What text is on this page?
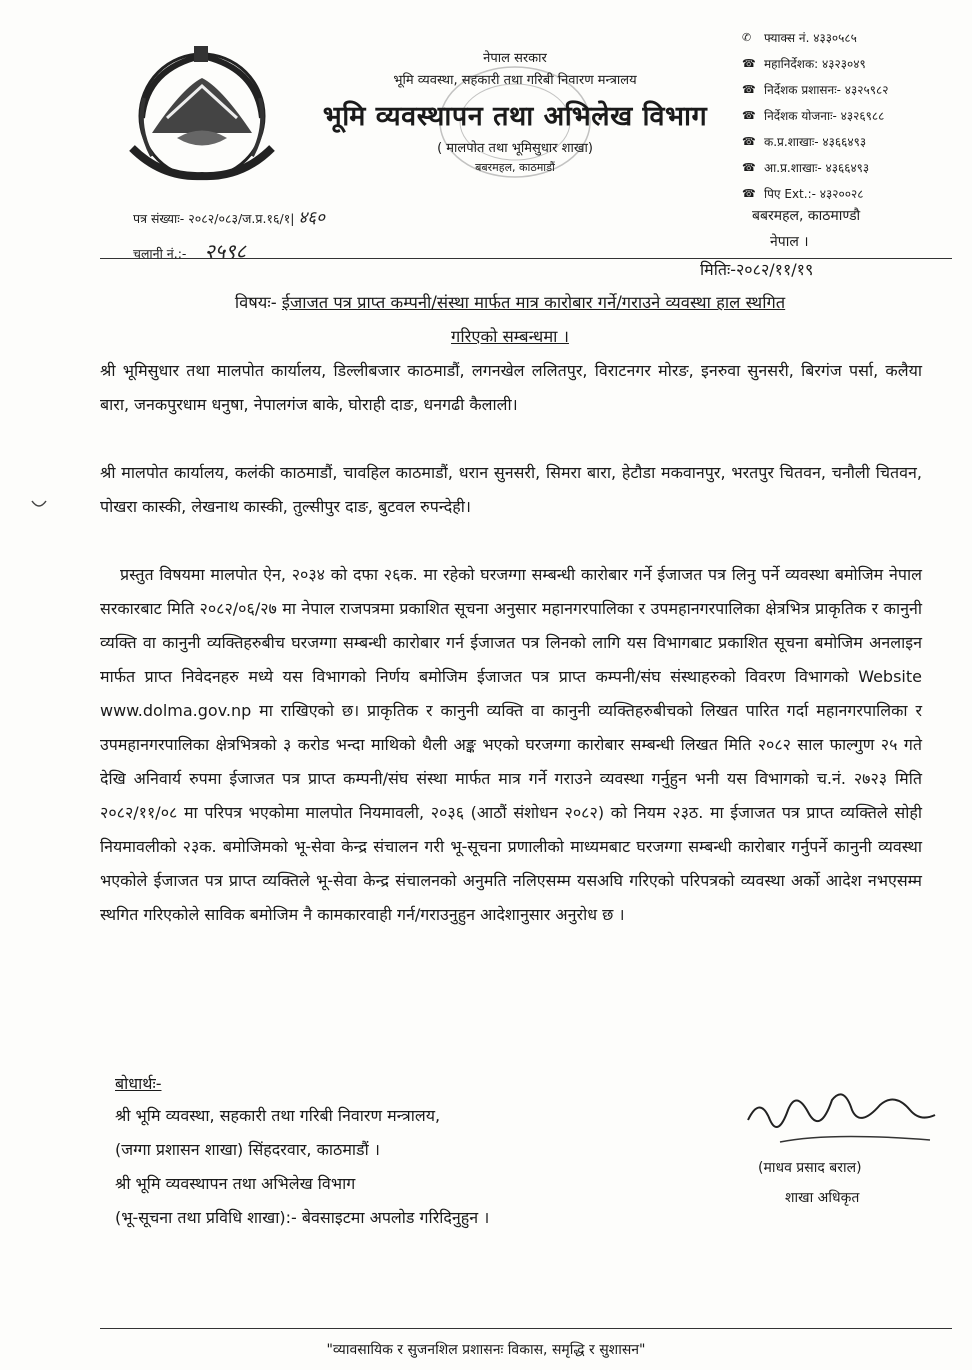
नेपाल सरकार
भूमि व्यवस्था, सहकारी तथा गरिबी निवारण मन्त्रालय
भूमि व्यवस्थापन तथा अभिलेख विभाग
( मालपोत तथा भूमिसुधार शाखा)
बबरमहल, काठमाडौं
✆	फ्याक्स नं. ४३३०५८५
☎ महानिर्देशक: ४३२३०४९
☎ निर्देशक प्रशासनः- ४३२५९८२
☎ निर्देशक योजनाः- ४३२६९८८
☎ क.प्र.शाखाः- ४३६६४९३
☎ आ.प्र.शाखाः- ४३६६४९३
☎ पिए Ext.:- ४३२००२८
पत्र संख्याः- २०८२/०८३/ज.प्र.१६/१| ४६०
चलानी नं.:- २५९८
बबरमहल, काठमाण्डौ
नेपाल ।
मितिः-२०८२/११/१९
विषयः- ईजाजत पत्र प्राप्त कम्पनी/संस्था मार्फत मात्र कारोबार गर्ने/गराउने व्यवस्था हाल स्थगित
गरिएको सम्बन्धमा ।
श्री भूमिसुधार तथा मालपोत कार्यालय, डिल्लीबजार काठमाडौं, लगनखेल ललितपुर, विराटनगर मोरङ, इनरुवा सुनसरी, बिरगंज पर्सा, कलैया बारा, जनकपुरधाम धनुषा, नेपालगंज बाके, घोराही दाङ, धनगढी कैलाली।
श्री मालपोत कार्यालय, कलंकी काठमाडौं, चावहिल काठमाडौं, धरान सुनसरी, सिमरा बारा, हेटौडा मकवानपुर, भरतपुर चितवन, चनौली चितवन, पोखरा कास्की, लेखनाथ कास्की, तुल्सीपुर दाङ, बुटवल रुपन्देही।
प्रस्तुत विषयमा मालपोत ऐन, २०३४ को दफा २६क. मा रहेको घरजग्गा सम्बन्धी कारोबार गर्ने ईजाजत पत्र लिनु पर्ने व्यवस्था बमोजिम नेपाल सरकारबाट मिति २०८२/०६/२७ मा नेपाल राजपत्रमा प्रकाशित सूचना अनुसार महानगरपालिका र उपमहानगरपालिका क्षेत्रभित्र प्राकृतिक र कानुनी व्यक्ति वा कानुनी व्यक्तिहरुबीच घरजग्गा सम्बन्धी कारोबार गर्न ईजाजत पत्र लिनको लागि यस विभागबाट प्रकाशित सूचना बमोजिम अनलाइन मार्फत प्राप्त निवेदनहरु मध्ये यस विभागको निर्णय बमोजिम ईजाजत पत्र प्राप्त कम्पनी/संघ संस्थाहरुको विवरण विभागको Website www.dolma.gov.np मा राखिएको छ। प्राकृतिक र कानुनी व्यक्ति वा कानुनी व्यक्तिहरुबीचको लिखत पारित गर्दा महानगरपालिका र उपमहानगरपालिका क्षेत्रभित्रको ३ करोड भन्दा माथिको थैली अङ्क भएको घरजग्गा कारोबार सम्बन्धी लिखत मिति २०८२ साल फाल्गुण २५ गते देखि अनिवार्य रुपमा ईजाजत पत्र प्राप्त कम्पनी/संघ संस्था मार्फत मात्र गर्ने गराउने व्यवस्था गर्नुहुन भनी यस विभागको च.नं. २७२३ मिति २०८२/११/०८ मा परिपत्र भएकोमा मालपोत नियमावली, २०३६ (आठौं संशोधन २०८२) को नियम २३ठ. मा ईजाजत पत्र प्राप्त व्यक्तिले सोही नियमावलीको २३क. बमोजिमको भू-सेवा केन्द्र संचालन गरी भू-सूचना प्रणालीको माध्यमबाट घरजग्गा सम्बन्धी कारोबार गर्नुपर्ने कानुनी व्यवस्था भएकोले ईजाजत पत्र प्राप्त व्यक्तिले भू-सेवा केन्द्र संचालनको अनुमति नलिएसम्म यसअघि गरिएको परिपत्रको व्यवस्था अर्को आदेश नभएसम्म स्थगित गरिएकोले साविक बमोजिम नै कामकारवाही गर्न/गराउनुहुन आदेशानुसार अनुरोध छ ।
बोधार्थः-
श्री भूमि व्यवस्था, सहकारी तथा गरिबी निवारण मन्त्रालय,
(जग्गा प्रशासन शाखा) सिंहदरवार, काठमाडौं ।
श्री भूमि व्यवस्थापन तथा अभिलेख विभाग
(भू-सूचना तथा प्रविधि शाखा):- बेवसाइटमा अपलोड गरिदिनुहुन ।
(माधव प्रसाद बराल)
शाखा अधिकृत
"व्यावसायिक र सुजनशिल प्रशासनः विकास, समृद्धि र सुशासन"
